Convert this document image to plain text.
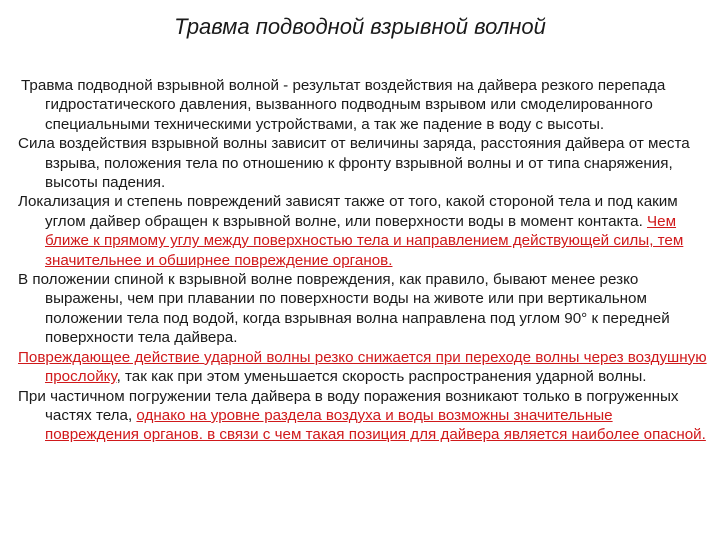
Травма подводной взрывной волной

Травма подводной взрывной волной - результат воздействия на дайвера резкого перепада гидростатического давления, вызванного подводным взрывом или смоделированного специальными техническими устройствами, а так же падение в воду с высоты.

Сила воздействия взрывной волны зависит от величины заряда, расстояния дайвера от места взрыва, положения тела по отношению к фронту взрывной волны и от типа снаряжения, высоты падения.

Локализация и степень повреждений зависят также от того, какой стороной тела и под каким углом дайвер обращен к взрывной волне, или поверхности воды в момент контакта. Чем ближе к прямому углу между поверхностью тела и направлением действующей силы, тем значительнее и обширнее повреждение органов.

В положении спиной к взрывной волне повреждения, как правило, бывают менее резко выражены, чем при плавании по поверхности воды на животе или при вертикальном положении тела под водой, когда взрывная волна направлена под углом 90° к передней поверхности тела дайвера.

Повреждающее действие ударной волны резко снижается при переходе волны через воздушную прослойку, так как при этом уменьшается скорость распространения ударной волны.

При частичном погружении тела дайвера в воду поражения возникают только в погруженных частях тела, однако на уровне раздела воздуха и воды возможны значительные повреждения органов. в связи с чем такая позиция для дайвера является наиболее опасной.
